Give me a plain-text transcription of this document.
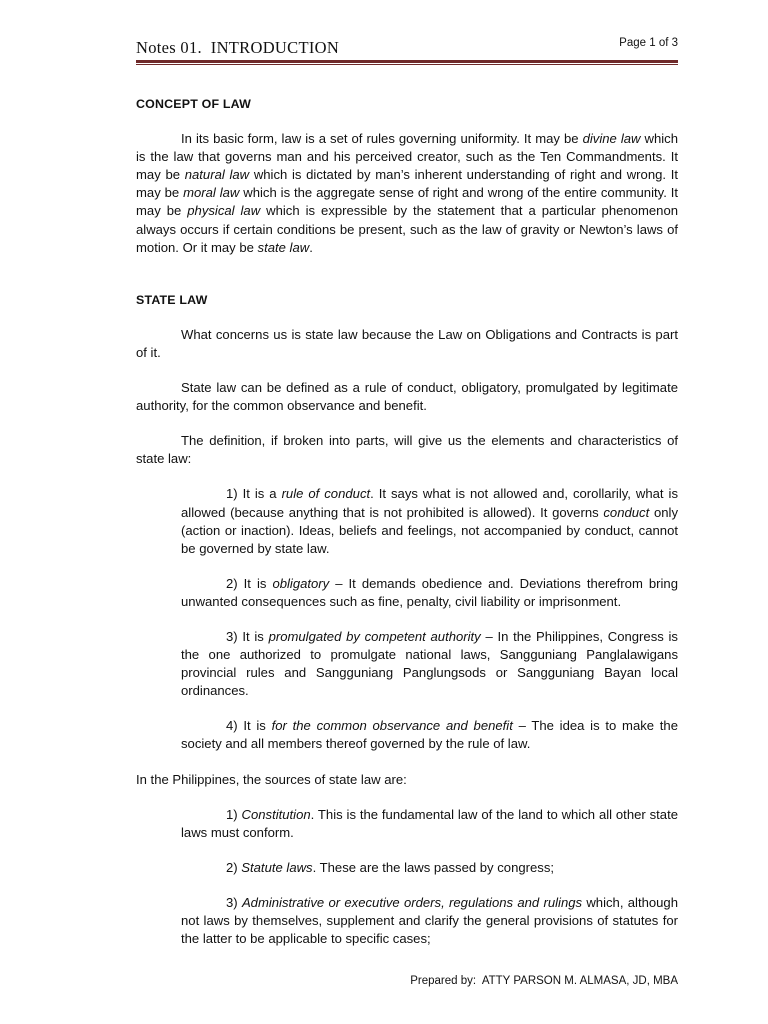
Notes 01.  INTRODUCTION	Page 1 of 3

CONCEPT OF LAW

In its basic form, law is a set of rules governing uniformity. It may be divine law which is the law that governs man and his perceived creator, such as the Ten Commandments. It may be natural law which is dictated by man’s inherent understanding of right and wrong. It may be moral law which is the aggregate sense of right and wrong of the entire community. It may be physical law which is expressible by the statement that a particular phenomenon always occurs if certain conditions be present, such as the law of gravity or Newton’s laws of motion. Or it may be state law.

STATE LAW

What concerns us is state law because the Law on Obligations and Contracts is part of it.

State law can be defined as a rule of conduct, obligatory, promulgated by legitimate authority, for the common observance and benefit.

The definition, if broken into parts, will give us the elements and characteristics of state law:

1) It is a rule of conduct. It says what is not allowed and, corollarily, what is allowed (because anything that is not prohibited is allowed). It governs conduct only (action or inaction). Ideas, beliefs and feelings, not accompanied by conduct, cannot be governed by state law.

2) It is obligatory – It demands obedience and. Deviations therefrom bring unwanted consequences such as fine, penalty, civil liability or imprisonment.

3) It is promulgated by competent authority – In the Philippines, Congress is the one authorized to promulgate national laws, Sangguniang Panglalawigans provincial rules and Sangguniang Panglungsods or Sangguniang Bayan local ordinances.

4) It is for the common observance and benefit – The idea is to make the society and all members thereof governed by the rule of law.

In the Philippines, the sources of state law are:

1) Constitution. This is the fundamental law of the land to which all other state laws must conform.

2) Statute laws. These are the laws passed by congress;

3) Administrative or executive orders, regulations and rulings which, although not laws by themselves, supplement and clarify the general provisions of statutes for the latter to be applicable to specific cases;

Prepared by:  ATTY PARSON M. ALMASA, JD, MBA
